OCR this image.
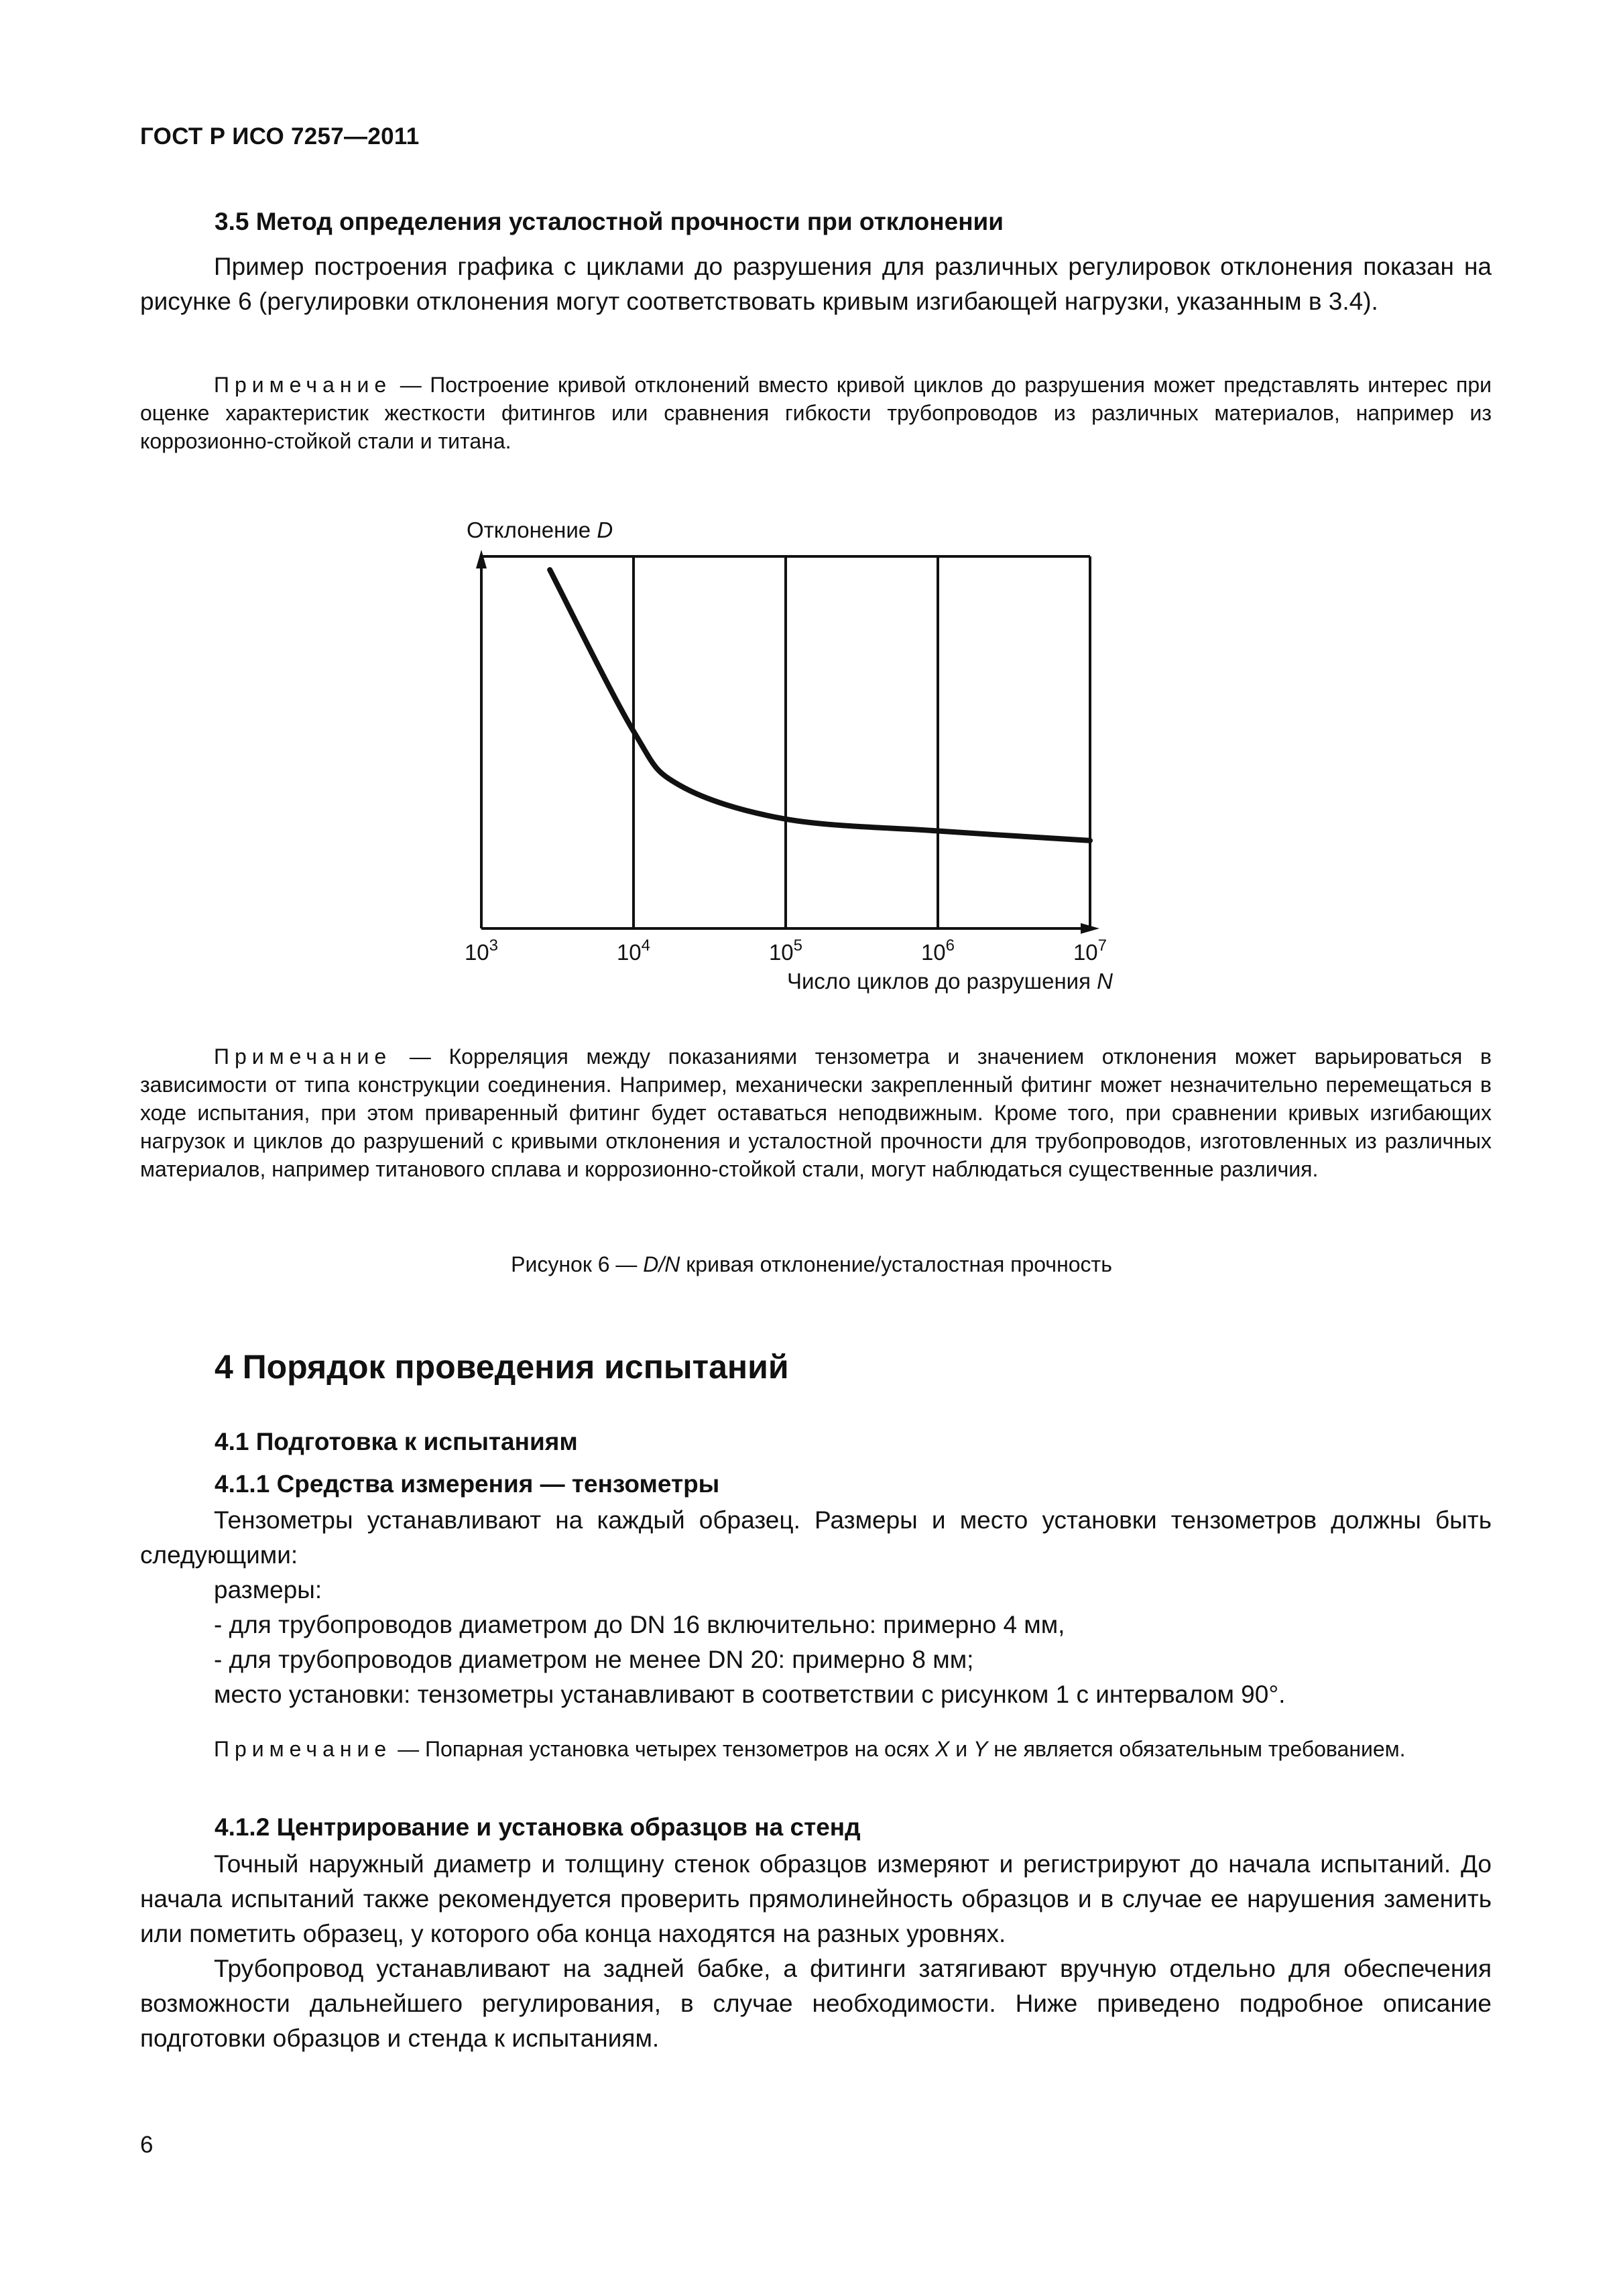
ГОСТ Р ИСО 7257—2011
3.5 Метод определения усталостной прочности при отклонении

Пример построения графика с циклами до разрушения для различных регулировок отклонения показан на рисунке 6 (регулировки отклонения могут соответствовать кривым изгибающей нагрузки, указанным в 3.4).

Примечание — Построение кривой отклонений вместо кривой циклов до разрушения может представлять интерес при оценке характеристик жесткости фитингов или сравнения гибкости трубопроводов из различных материалов, например из коррозионно-стойкой стали и титана.

Отклонение D
$10^3$	$10^4$	$10^5$	$10^6$	$10^7$
Число циклов до разрушения N

Примечание — Корреляция между показаниями тензометра и значением отклонения может варьироваться в зависимости от типа конструкции соединения. Например, механически закрепленный фитинг может незначительно перемещаться в ходе испытания, при этом приваренный фитинг будет оставаться неподвижным. Кроме того, при сравнении кривых изгибающих нагрузок и циклов до разрушений с кривыми отклонения и усталостной прочности для трубопроводов, изготовленных из различных материалов, например титанового сплава и коррозионно-стойкой стали, могут наблюдаться существенные различия.

Рисунок 6 — D/N кривая отклонение/усталостная прочность
4 Порядок проведения испытаний
4.1 Подготовка к испытаниям
4.1.1 Средства измерения — тензометры

Тензометры устанавливают на каждый образец. Размеры и место установки тензометров должны быть следующими:

размеры:

- для трубопроводов диаметром до DN 16 включительно: примерно 4 мм,

- для трубопроводов диаметром не менее DN 20: примерно 8 мм;

место установки: тензометры устанавливают в соответствии с рисунком 1 с интервалом 90°.

Примечание — Попарная установка четырех тензометров на осях X и Y не является обязательным требованием.

4.1.2 Центрирование и установка образцов на стенд

Точный наружный диаметр и толщину стенок образцов измеряют и регистрируют до начала испытаний. До начала испытаний также рекомендуется проверить прямолинейность образцов и в случае ее нарушения заменить или пометить образец, у которого оба конца находятся на разных уровнях.

Трубопровод устанавливают на задней бабке, а фитинги затягивают вручную отдельно для обеспечения возможности дальнейшего регулирования, в случае необходимости. Ниже приведено подробное описание подготовки образцов и стенда к испытаниям.

6
